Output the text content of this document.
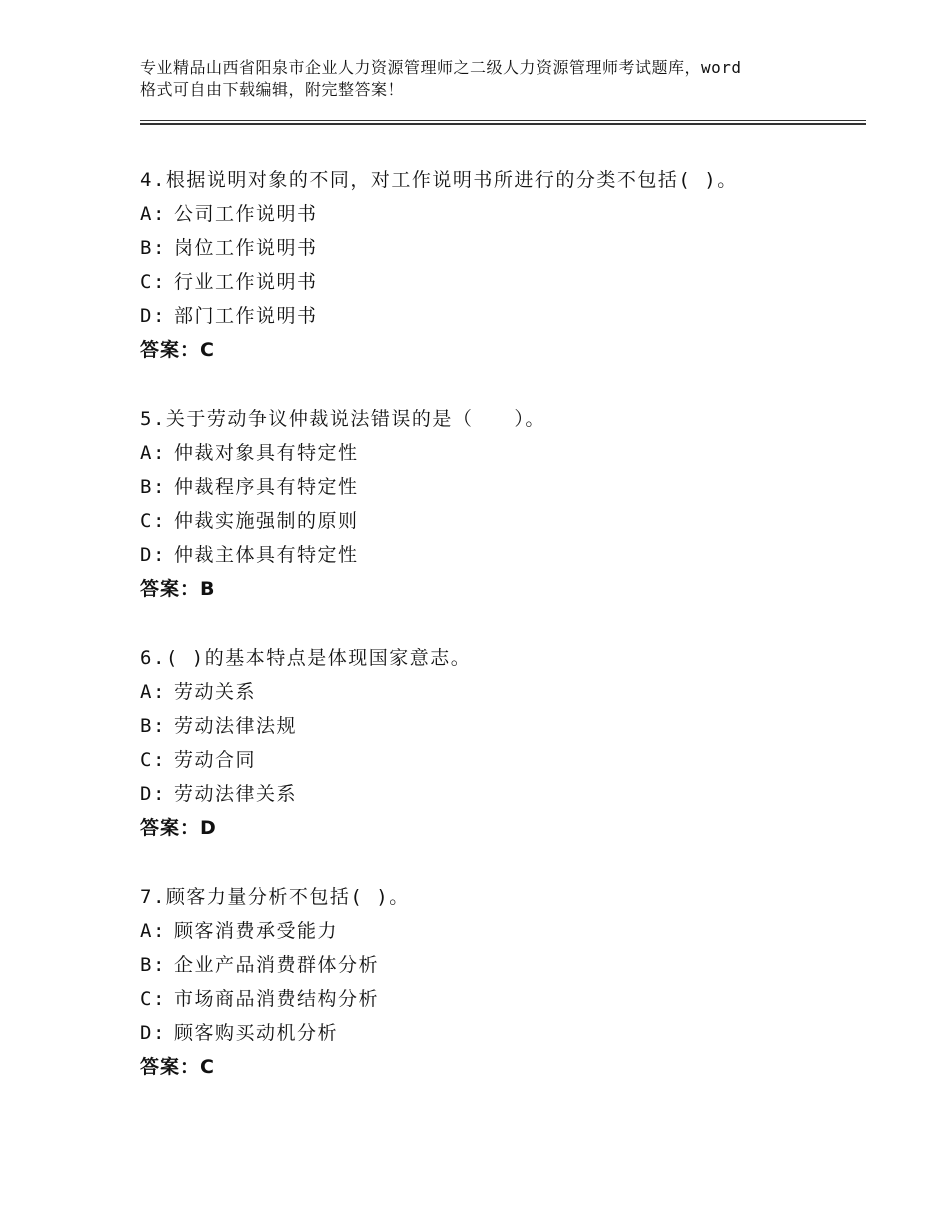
专业精品山西省阳泉市企业人力资源管理师之二级人力资源管理师考试题库，word
格式可自由下载编辑，附完整答案！
4.根据说明对象的不同，对工作说明书所进行的分类不包括( )。
A: 公司工作说明书
B: 岗位工作说明书
C: 行业工作说明书
D: 部门工作说明书
答案：C
5.关于劳动争议仲裁说法错误的是（　　）。
A: 仲裁对象具有特定性
B: 仲裁程序具有特定性
C: 仲裁实施强制的原则
D: 仲裁主体具有特定性
答案：B
6.( )的基本特点是体现国家意志。
A: 劳动关系
B: 劳动法律法规
C: 劳动合同
D: 劳动法律关系
答案：D
7.顾客力量分析不包括( )。
A: 顾客消费承受能力
B: 企业产品消费群体分析
C: 市场商品消费结构分析
D: 顾客购买动机分析
答案：C
